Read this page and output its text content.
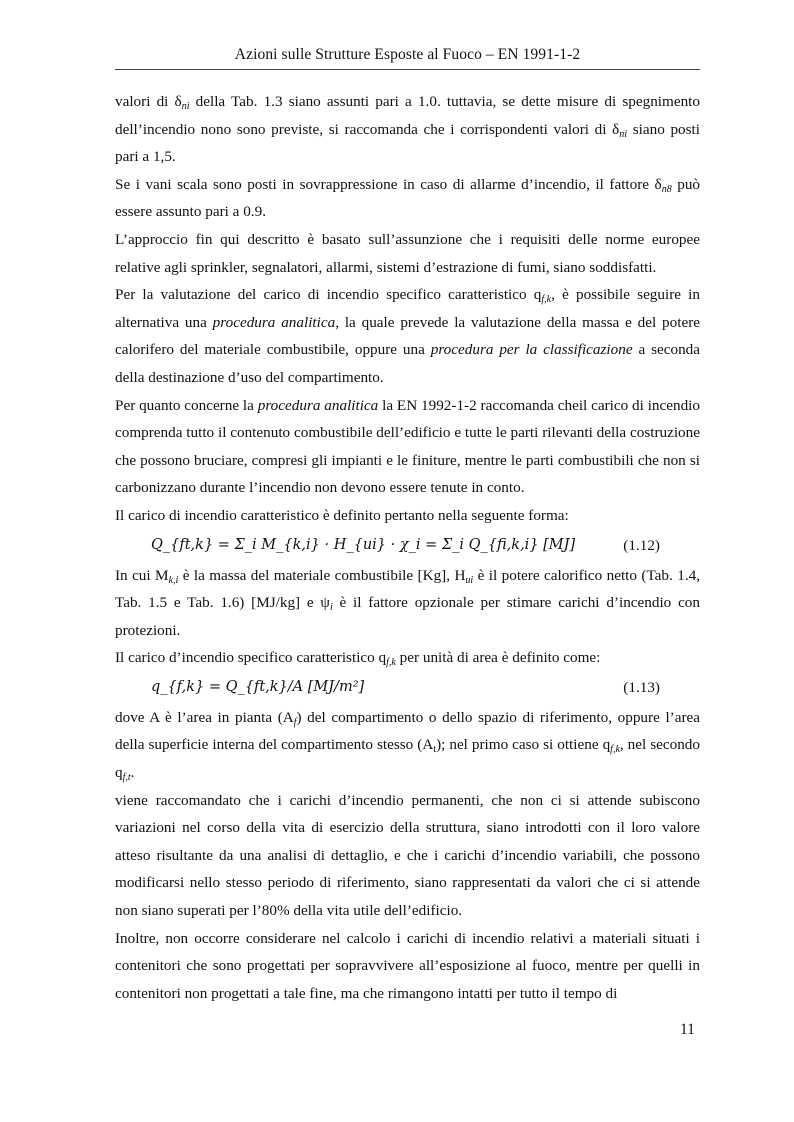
Azioni sulle Strutture Esposte al Fuoco – EN 1991-1-2
valori di $\delta_{ni}$ della Tab. 1.3 siano assunti pari a 1.0. tuttavia, se dette misure di spegnimento dell’incendio nono sono previste, si raccomanda che i corrispondenti valori di $\delta_{ni}$ siano posti pari a 1,5.
Se i vani scala sono posti in sovrappressione in caso di allarme d’incendio, il fattore $\delta_{n8}$ può essere assunto pari a 0.9.
L’approccio fin qui descritto è basato sull’assunzione che i requisiti delle norme europee relative agli sprinkler, segnalatori, allarmi, sistemi d’estrazione di fumi, siano soddisfatti.
Per la valutazione del carico di incendio specifico caratteristico $q_{f,k}$, è possibile seguire in alternativa una procedura analitica, la quale prevede la valutazione della massa e del potere calorifero del materiale combustibile, oppure una procedura per la classificazione a seconda della destinazione d’uso del compartimento.
Per quanto concerne la procedura analitica la EN 1992-1-2 raccomanda cheil carico di incendio comprenda tutto il contenuto combustibile dell’edificio e tutte le parti rilevanti della costruzione che possono bruciare, compresi gli impianti e le finiture, mentre le parti combustibili che non si carbonizzano durante l’incendio non devono essere tenute in conto.
Il carico di incendio caratteristico è definito pertanto nella seguente forma:
Q_{ft,k} = Σ_i M_{k,i} · H_{ui} · χ_i = Σ_i Q_{fi,k,i} [MJ]	(1.12)
In cui $M_{k,i}$ è la massa del materiale combustibile [Kg], $H_{ui}$ è il potere calorifico netto (Tab. 1.4, Tab. 1.5 e Tab. 1.6) [MJ/kg] e $\psi_i$ è il fattore opzionale per stimare carichi d’incendio con protezioni.
Il carico d’incendio specifico caratteristico $q_{f,k}$ per unità di area è definito come:
q_{f,k} = Q_{ft,k}/A [MJ/m²]	(1.13)
dove A è l’area in pianta $(A_f)$ del compartimento o dello spazio di riferimento, oppure l’area della superficie interna del compartimento stesso $(A_t)$; nel primo caso si ottiene $q_{f,k}$, nel secondo $q_{f,t}$.
viene raccomandato che i carichi d’incendio permanenti, che non ci si attende subiscono variazioni nel corso della vita di esercizio della struttura, siano introdotti con il loro valore atteso risultante da una analisi di dettaglio, e che i carichi d’incendio variabili, che possono modificarsi nello stesso periodo di riferimento, siano rappresentati da valori che ci si attende non siano superati per l’80% della vita utile dell’edificio.
Inoltre, non occorre considerare nel calcolo i carichi di incendio relativi a materiali situati i contenitori che sono progettati per sopravvivere all’esposizione al fuoco, mentre per quelli in contenitori non progettati a tale fine, ma che rimangono intatti per tutto il tempo di
11
